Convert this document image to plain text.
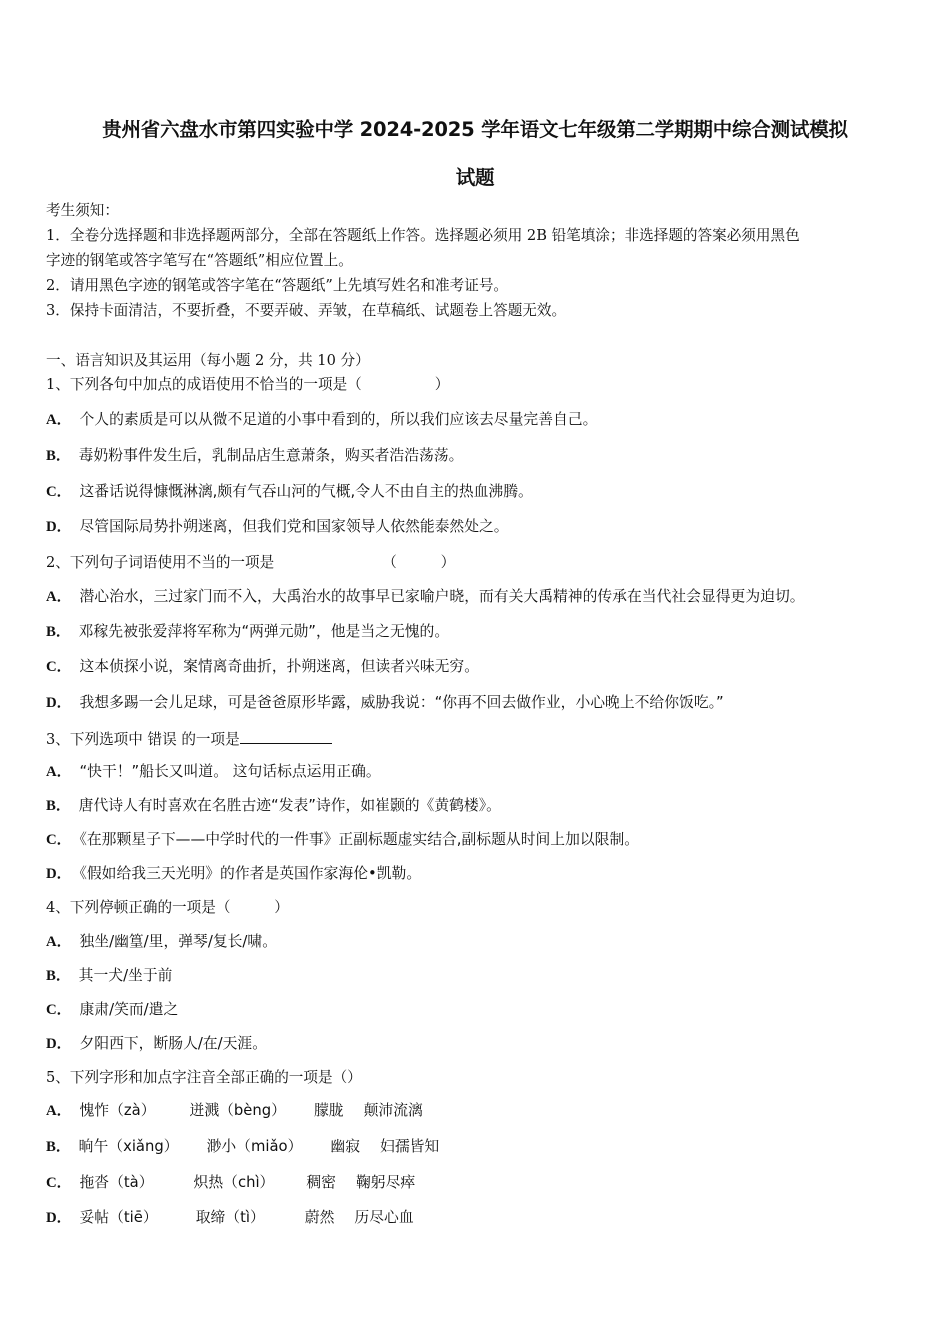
贵州省六盘水市第四实验中学 2024-2025 学年语文七年级第二学期期中综合测试模拟
试题
考生须知：
1．全卷分选择题和非选择题两部分，全部在答题纸上作答。选择题必须用 2B 铅笔填涂；非选择题的答案必须用黑色
字迹的钢笔或答字笔写在“答题纸”相应位置上。
2．请用黑色字迹的钢笔或答字笔在“答题纸”上先填写姓名和准考证号。
3．保持卡面清洁，不要折叠，不要弄破、弄皱，在草稿纸、试题卷上答题无效。
一、语言知识及其运用（每小题 2 分，共 10 分）
1、下列各句中加点的成语使用不恰当的一项是（　　　　　）
A． 个人的素质是可以从微不足道的小事中看到的，所以我们应该去尽量完善自己。
B． 毒奶粉事件发生后，乳制品店生意萧条，购买者浩浩荡荡。
C． 这番话说得慷慨淋漓,颇有气吞山河的气概,令人不由自主的热血沸腾。
D． 尽管国际局势扑朔迷离，但我们党和国家领导人依然能泰然处之。
2、下列句子词语使用不当的一项是	（　　　）
A． 潜心治水，三过家门而不入，大禹治水的故事早已家喻户晓，而有关大禹精神的传承在当代社会显得更为迫切。
B． 邓稼先被张爱萍将军称为“两弹元勋”，他是当之无愧的。
C． 这本侦探小说，案情离奇曲折，扑朔迷离，但读者兴味无穷。
D． 我想多踢一会儿足球，可是爸爸原形毕露，威胁我说：“你再不回去做作业，小心晚上不给你饭吃。”
3、下列选项中 错误 的一项是
A． “快干！”船长又叫道。 这句话标点运用正确。
B． 唐代诗人有时喜欢在名胜古迹“发表”诗作，如崔颢的《黄鹤楼》。
C． 《在那颗星子下——中学时代的一件事》正副标题虚实结合,副标题从时间上加以限制。
D． 《假如给我三天光明》的作者是英国作家海伦•凯勒。
4、下列停顿正确的一项是（　　　）
A． 独坐/幽篁/里，弹琴/复长/啸。
B． 其一犬/坐于前
C． 康肃/笑而/遣之
D． 夕阳西下，断肠人/在/天涯。
5、下列字形和加点字注音全部正确的一项是（）
A． 愧怍（zà） 迸溅（bèng） 朦胧 颠沛流漓
B． 晌午（xiǎng） 渺小（miǎo） 幽寂 妇孺皆知
C． 拖沓（tà）	炽热（chì） 稠密 鞠躬尽瘁
D． 妥帖（tiē）	取缔（tì）	蔚然 历尽心血
